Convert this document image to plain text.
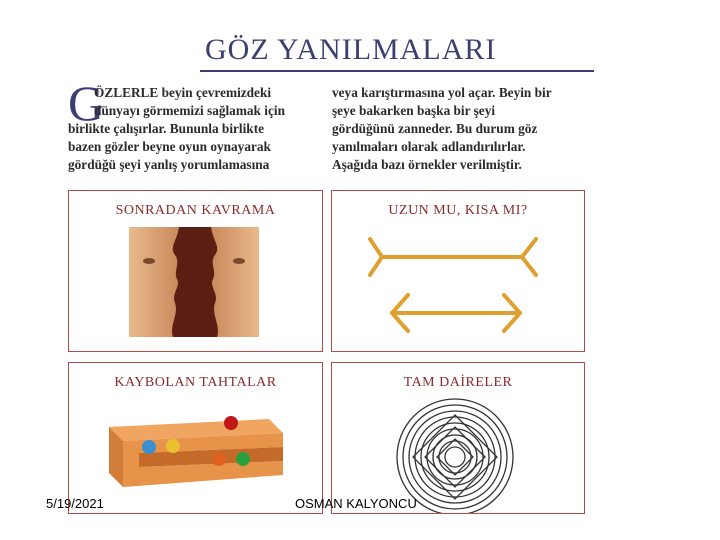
GÖZ YANILMALARI
G
ÖZLERLE beyin çevremizdeki
dünyayı görmemizi sağlamak için
birlikte çalışırlar. Bununla birlikte
bazen gözler beyne oyun oynayarak
gördüğü şeyi yanlış yorumlamasına
veya karıştırmasına yol açar. Beyin bir
şeye bakarken başka bir şeyi
gördüğünü zanneder. Bu durum göz
yanılmaları olarak adlandırılırlar.
Aşağıda bazı örnekler verilmiştir.
SONRADAN KAVRAMA	UZUN MU, KISA MI?
KAYBOLAN TAHTALAR	TAM DAİRELER
5/19/2021	OSMAN KALYONCU
